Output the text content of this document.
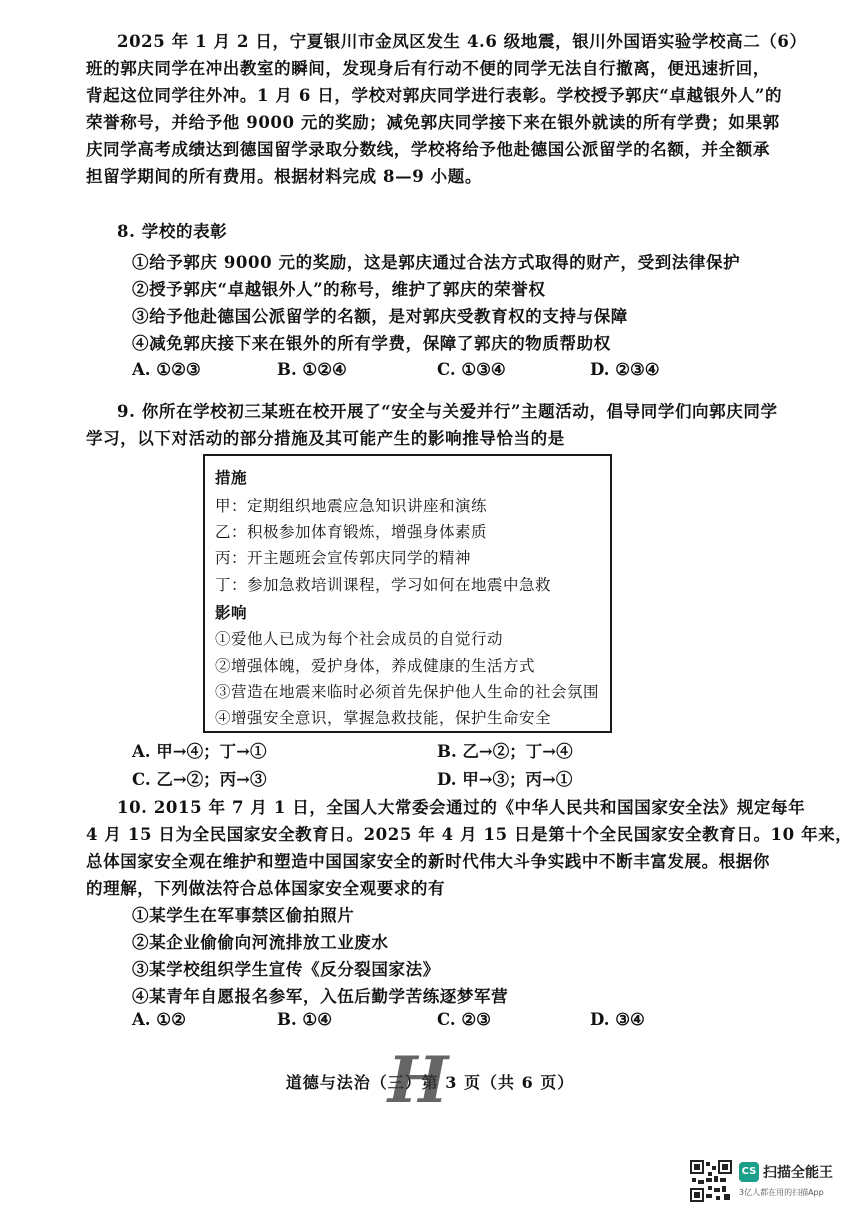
2025 年 1 月 2 日，宁夏银川市金凤区发生 4.6 级地震，银川外国语实验学校高二（6）
班的郭庆同学在冲出教室的瞬间，发现身后有行动不便的同学无法自行撤离，便迅速折回，
背起这位同学往外冲。1 月 6 日，学校对郭庆同学进行表彰。学校授予郭庆“卓越银外人”的
荣誉称号，并给予他 9000 元的奖励；减免郭庆同学接下来在银外就读的所有学费；如果郭
庆同学高考成绩达到德国留学录取分数线，学校将给予他赴德国公派留学的名额，并全额承
担留学期间的所有费用。根据材料完成 8—9 小题。
8. 学校的表彰
①给予郭庆 9000 元的奖励，这是郭庆通过合法方式取得的财产，受到法律保护
②授予郭庆“卓越银外人”的称号，维护了郭庆的荣誉权
③给予他赴德国公派留学的名额，是对郭庆受教育权的支持与保障
④减免郭庆接下来在银外的所有学费，保障了郭庆的物质帮助权
A. ①②③	B. ①②④	C. ①③④	D. ②③④
9. 你所在学校初三某班在校开展了“安全与关爱并行”主题活动，倡导同学们向郭庆同学
学习，以下对活动的部分措施及其可能产生的影响推导恰当的是
措施
甲：定期组织地震应急知识讲座和演练
乙：积极参加体育锻炼，增强身体素质
丙：开主题班会宣传郭庆同学的精神
丁：参加急救培训课程，学习如何在地震中急救
影响
①爱他人已成为每个社会成员的自觉行动
②增强体魄，爱护身体，养成健康的生活方式
③营造在地震来临时必须首先保护他人生命的社会氛围
④增强安全意识，掌握急救技能，保护生命安全
A. 甲→④；丁→①	B. 乙→②；丁→④
C. 乙→②；丙→③	D. 甲→③；丙→①
10. 2015 年 7 月 1 日，全国人大常委会通过的《中华人民共和国国家安全法》规定每年
4 月 15 日为全民国家安全教育日。2025 年 4 月 15 日是第十个全民国家安全教育日。10 年来，
总体国家安全观在维护和塑造中国国家安全的新时代伟大斗争实践中不断丰富发展。根据你
的理解，下列做法符合总体国家安全观要求的有
①某学生在军事禁区偷拍照片
②某企业偷偷向河流排放工业废水
③某学校组织学生宣传《反分裂国家法》
④某青年自愿报名参军，入伍后勤学苦练逐梦军营
A. ①②	B. ①④	C. ②③	D. ③④
道德与法治（三）第 3 页（共 6 页）
H
CS 扫描全能王
3亿人都在用的扫描App
